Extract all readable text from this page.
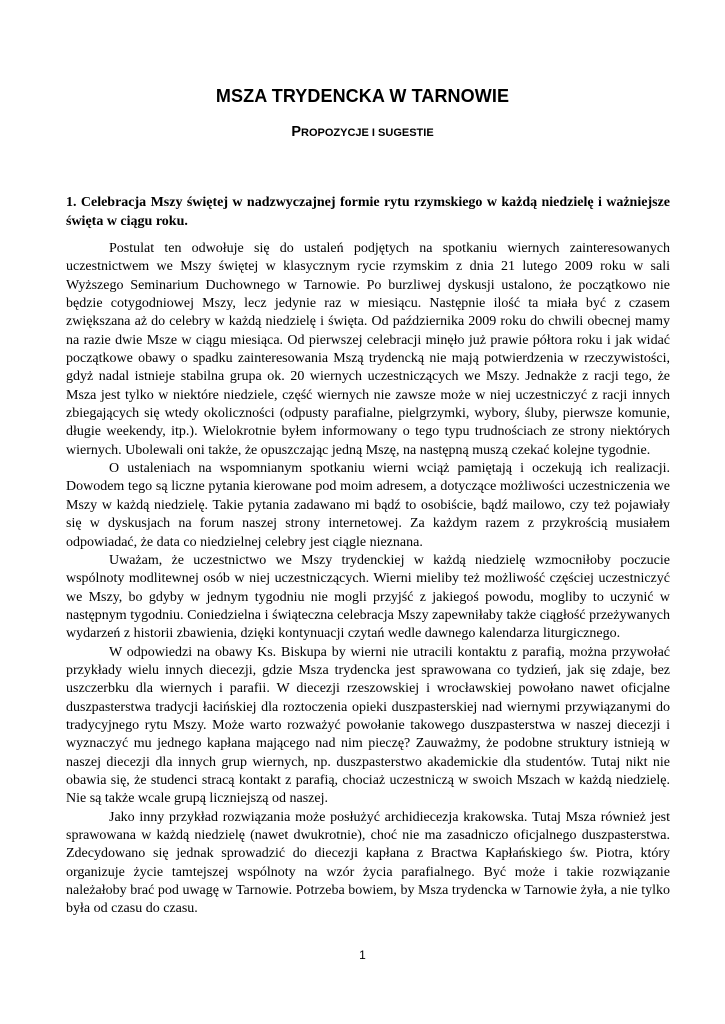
MSZA TRYDENCKA W TARNOWIE
PROPOZYCJE I SUGESTIE
1. Celebracja Mszy świętej w nadzwyczajnej formie rytu rzymskiego w każdą niedzielę i ważniejsze święta w ciągu roku.

Postulat ten odwołuje się do ustaleń podjętych na spotkaniu wiernych zainteresowanych uczestnictwem we Mszy świętej w klasycznym rycie rzymskim z dnia 21 lutego 2009 roku w sali Wyższego Seminarium Duchownego w Tarnowie. Po burzliwej dyskusji ustalono, że początkowo nie będzie cotygodniowej Mszy, lecz jedynie raz w miesiącu. Następnie ilość ta miała być z czasem zwiększana aż do celebry w każdą niedzielę i święta. Od października 2009 roku do chwili obecnej mamy na razie dwie Msze w ciągu miesiąca. Od pierwszej celebracji minęło już prawie półtora roku i jak widać początkowe obawy o spadku zainteresowania Mszą trydencką nie mają potwierdzenia w rzeczywistości, gdyż nadal istnieje stabilna grupa ok. 20 wiernych uczestniczących we Mszy. Jednakże z racji tego, że Msza jest tylko w niektóre niedziele, część wiernych nie zawsze może w niej uczestniczyć z racji innych zbiegających się wtedy okoliczności (odpusty parafialne, pielgrzymki, wybory, śluby, pierwsze komunie, długie weekendy, itp.). Wielokrotnie byłem informowany o tego typu trudnościach ze strony niektórych wiernych. Ubolewali oni także, że opuszczając jedną Mszę, na następną muszą czekać kolejne tygodnie.

O ustaleniach na wspomnianym spotkaniu wierni wciąż pamiętają i oczekują ich realizacji. Dowodem tego są liczne pytania kierowane pod moim adresem, a dotyczące możliwości uczestniczenia we Mszy w każdą niedzielę. Takie pytania zadawano mi bądź to osobiście, bądź mailowo, czy też pojawiały się w dyskusjach na forum naszej strony internetowej. Za każdym razem z przykrością musiałem odpowiadać, że data co niedzielnej celebry jest ciągle nieznana.

Uważam, że uczestnictwo we Mszy trydenckiej w każdą niedzielę wzmocniłoby poczucie wspólnoty modlitewnej osób w niej uczestniczących. Wierni mieliby też możliwość częściej uczestniczyć we Mszy, bo gdyby w jednym tygodniu nie mogli przyjść z jakiegoś powodu, mogliby to uczynić w następnym tygodniu. Coniedzielna i świąteczna celebracja Mszy zapewniłaby także ciągłość przeżywanych wydarzeń z historii zbawienia, dzięki kontynuacji czytań wedle dawnego kalendarza liturgicznego.

W odpowiedzi na obawy Ks. Biskupa by wierni nie utracili kontaktu z parafią, można przywołać przykłady wielu innych diecezji, gdzie Msza trydencka jest sprawowana co tydzień, jak się zdaje, bez uszczerbku dla wiernych i parafii. W diecezji rzeszowskiej i wrocławskiej powołano nawet oficjalne duszpasterstwa tradycji łacińskiej dla roztoczenia opieki duszpasterskiej nad wiernymi przywiązanymi do tradycyjnego rytu Mszy. Może warto rozważyć powołanie takowego duszpasterstwa w naszej diecezji i wyznaczyć mu jednego kapłana mającego nad nim pieczę? Zauważmy, że podobne struktury istnieją w naszej diecezji dla innych grup wiernych, np. duszpasterstwo akademickie dla studentów. Tutaj nikt nie obawia się, że studenci stracą kontakt z parafią, chociaż uczestniczą w swoich Mszach w każdą niedzielę. Nie są także wcale grupą liczniejszą od naszej.

Jako inny przykład rozwiązania może posłużyć archidiecezja krakowska. Tutaj Msza również jest sprawowana w każdą niedzielę (nawet dwukrotnie), choć nie ma zasadniczo oficjalnego duszpasterstwa. Zdecydowano się jednak sprowadzić do diecezji kapłana z Bractwa Kapłańskiego św. Piotra, który organizuje życie tamtejszej wspólnoty na wzór życia parafialnego. Być może i takie rozwiązanie należałoby brać pod uwagę w Tarnowie. Potrzeba bowiem, by Msza trydencka w Tarnowie żyła, a nie tylko była od czasu do czasu.

1
